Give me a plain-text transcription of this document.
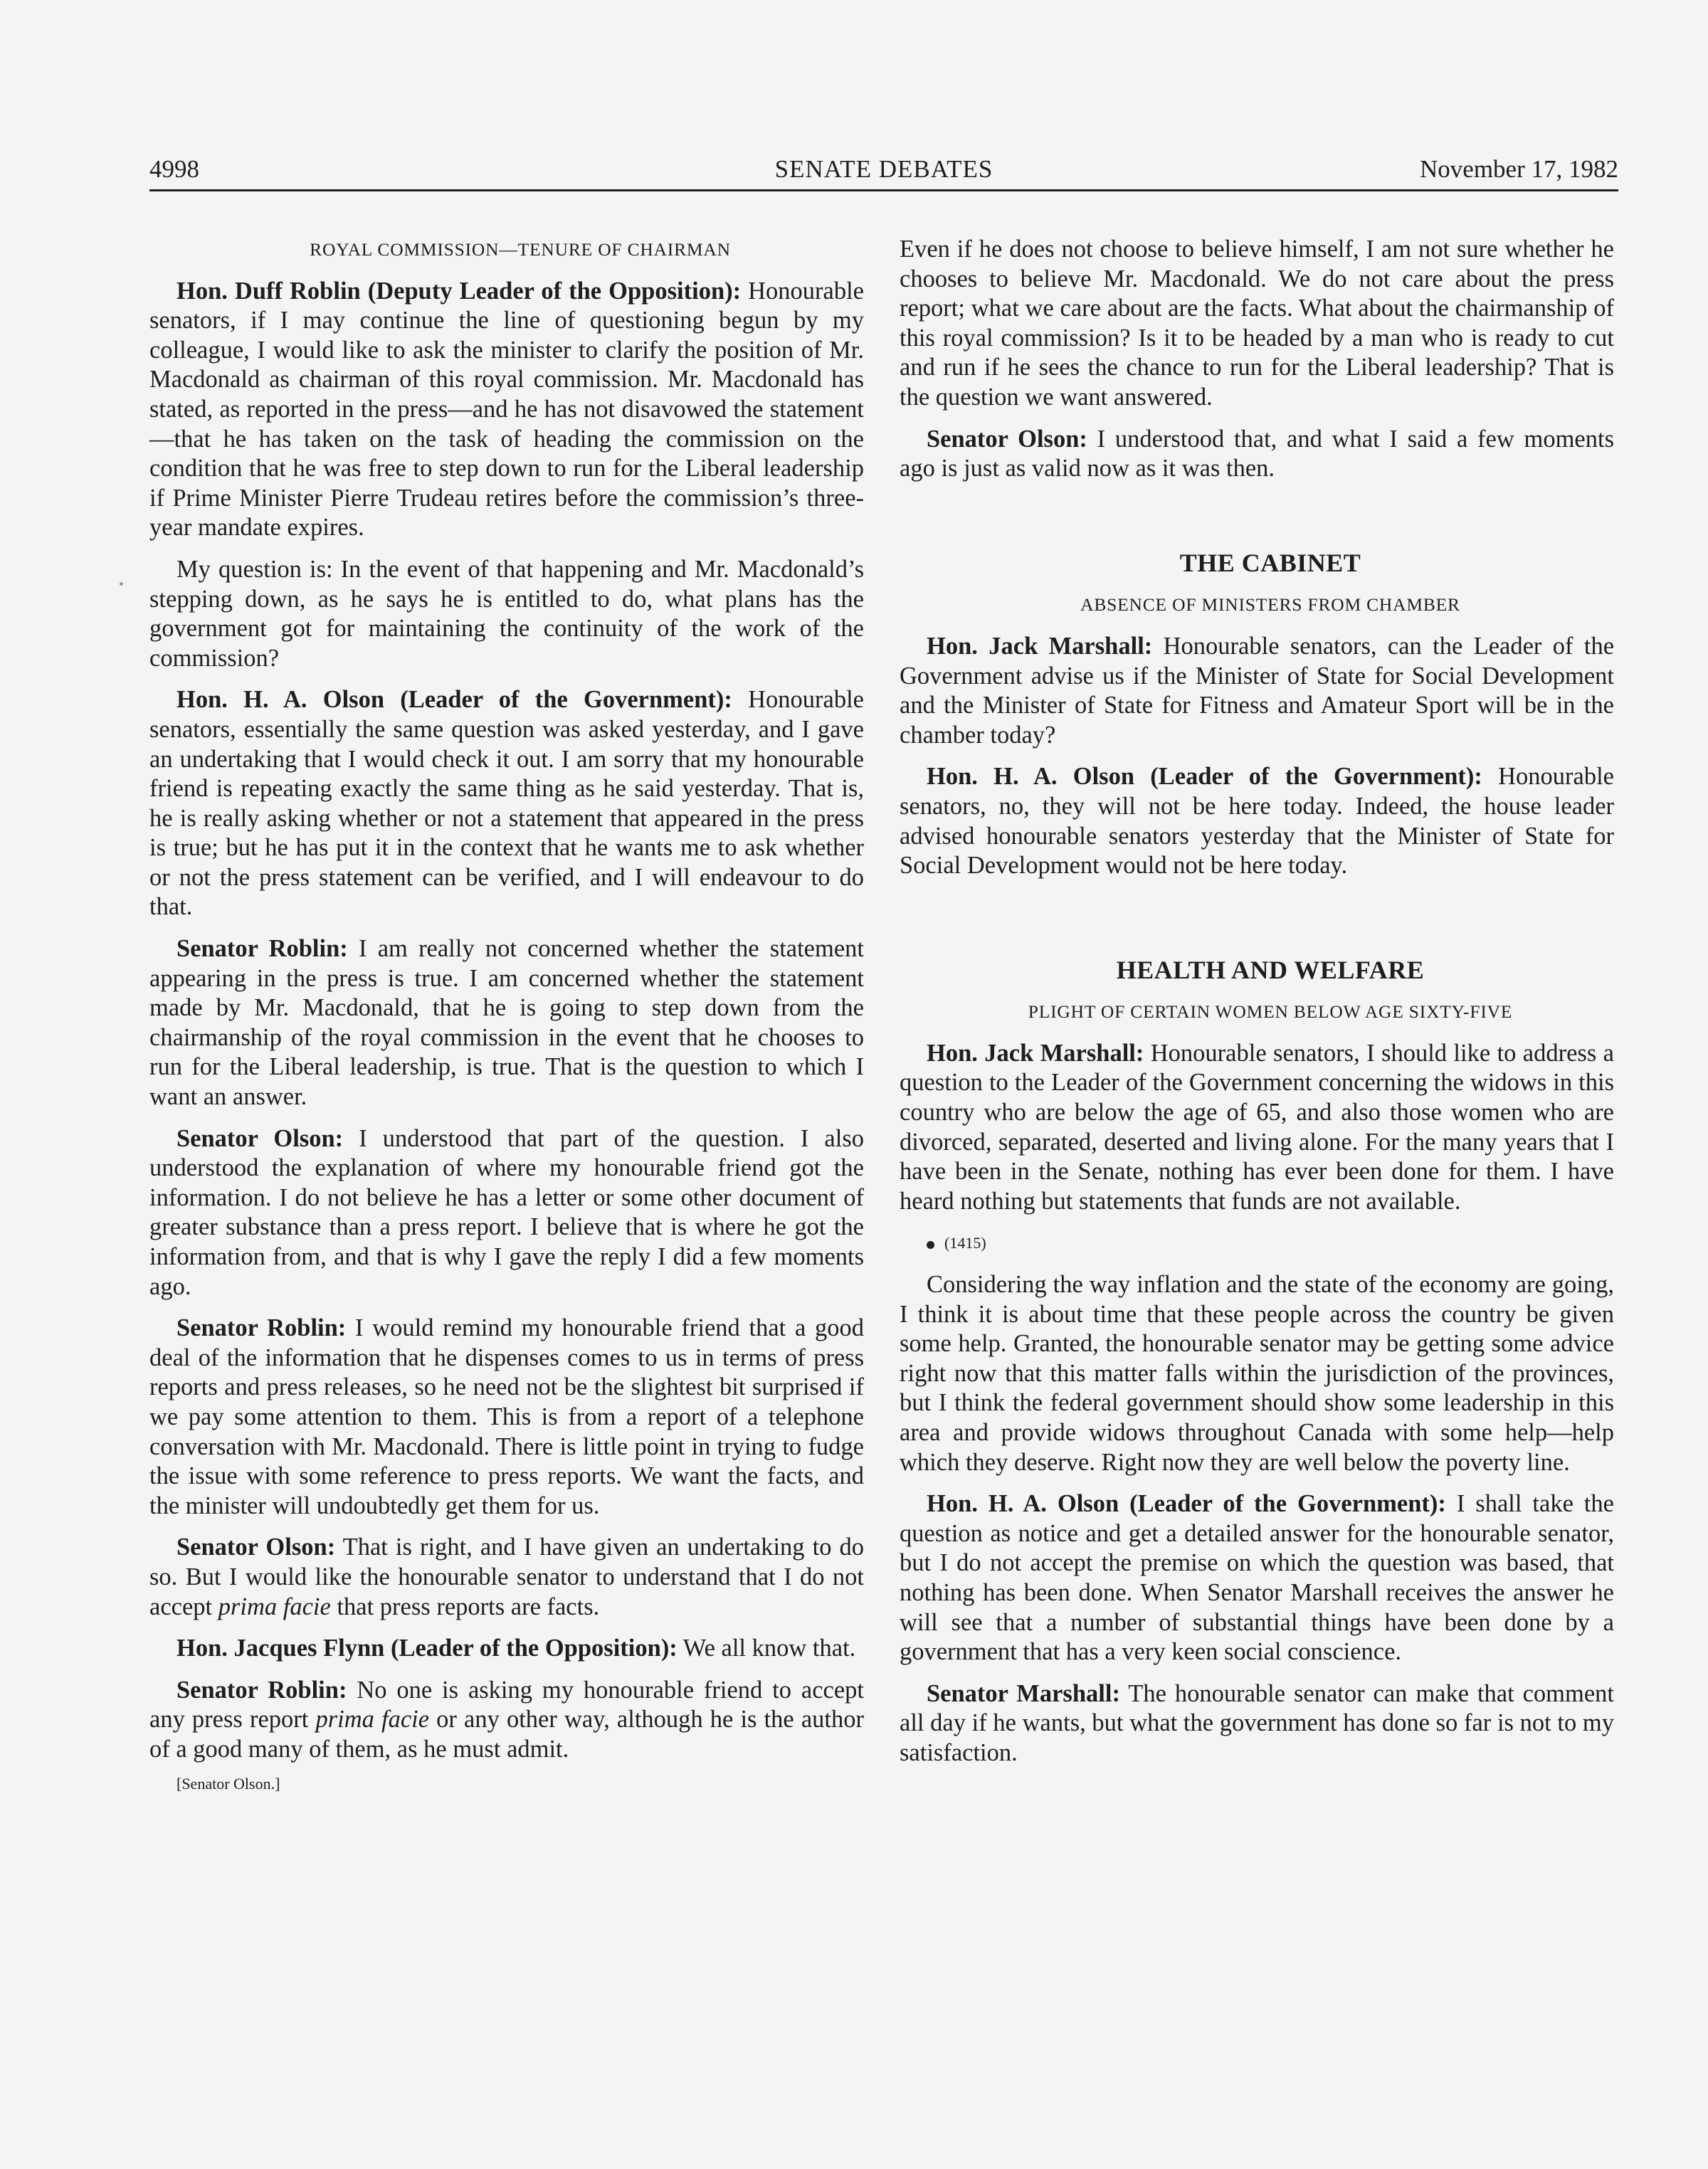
4998	SENATE DEBATES	November 17, 1982

ROYAL COMMISSION—TENURE OF CHAIRMAN

Hon. Duff Roblin (Deputy Leader of the Opposition): Honourable senators, if I may continue the line of questioning begun by my colleague, I would like to ask the minister to clarify the position of Mr. Macdonald as chairman of this royal commission. Mr. Macdonald has stated, as reported in the press—and he has not disavowed the statement—that he has taken on the task of heading the commission on the condition that he was free to step down to run for the Liberal leadership if Prime Minister Pierre Trudeau retires before the commission’s three-year mandate expires.

My question is: In the event of that happening and Mr. Macdonald’s stepping down, as he says he is entitled to do, what plans has the government got for maintaining the continuity of the work of the commission?

Hon. H. A. Olson (Leader of the Government): Honourable senators, essentially the same question was asked yesterday, and I gave an undertaking that I would check it out. I am sorry that my honourable friend is repeating exactly the same thing as he said yesterday. That is, he is really asking whether or not a statement that appeared in the press is true; but he has put it in the context that he wants me to ask whether or not the press statement can be verified, and I will endeavour to do that.

Senator Roblin: I am really not concerned whether the statement appearing in the press is true. I am concerned whether the statement made by Mr. Macdonald, that he is going to step down from the chairmanship of the royal commission in the event that he chooses to run for the Liberal leadership, is true. That is the question to which I want an answer.

Senator Olson: I understood that part of the question. I also understood the explanation of where my honourable friend got the information. I do not believe he has a letter or some other document of greater substance than a press report. I believe that is where he got the information from, and that is why I gave the reply I did a few moments ago.

Senator Roblin: I would remind my honourable friend that a good deal of the information that he dispenses comes to us in terms of press reports and press releases, so he need not be the slightest bit surprised if we pay some attention to them. This is from a report of a telephone conversation with Mr. Macdonald. There is little point in trying to fudge the issue with some reference to press reports. We want the facts, and the minister will undoubtedly get them for us.

Senator Olson: That is right, and I have given an undertaking to do so. But I would like the honourable senator to understand that I do not accept prima facie that press reports are facts.

Hon. Jacques Flynn (Leader of the Opposition): We all know that.

Senator Roblin: No one is asking my honourable friend to accept any press report prima facie or any other way, although he is the author of a good many of them, as he must admit.

[Senator Olson.]

Even if he does not choose to believe himself, I am not sure whether he chooses to believe Mr. Macdonald. We do not care about the press report; what we care about are the facts. What about the chairmanship of this royal commission? Is it to be headed by a man who is ready to cut and run if he sees the chance to run for the Liberal leadership? That is the question we want answered.

Senator Olson: I understood that, and what I said a few moments ago is just as valid now as it was then.

THE CABINET

ABSENCE OF MINISTERS FROM CHAMBER

Hon. Jack Marshall: Honourable senators, can the Leader of the Government advise us if the Minister of State for Social Development and the Minister of State for Fitness and Amateur Sport will be in the chamber today?

Hon. H. A. Olson (Leader of the Government): Honourable senators, no, they will not be here today. Indeed, the house leader advised honourable senators yesterday that the Minister of State for Social Development would not be here today.

HEALTH AND WELFARE

PLIGHT OF CERTAIN WOMEN BELOW AGE SIXTY-FIVE

Hon. Jack Marshall: Honourable senators, I should like to address a question to the Leader of the Government concerning the widows in this country who are below the age of 65, and also those women who are divorced, separated, deserted and living alone. For the many years that I have been in the Senate, nothing has ever been done for them. I have heard nothing but statements that funds are not available.

(1415)

Considering the way inflation and the state of the economy are going, I think it is about time that these people across the country be given some help. Granted, the honourable senator may be getting some advice right now that this matter falls within the jurisdiction of the provinces, but I think the federal government should show some leadership in this area and provide widows throughout Canada with some help—help which they deserve. Right now they are well below the poverty line.

Hon. H. A. Olson (Leader of the Government): I shall take the question as notice and get a detailed answer for the honourable senator, but I do not accept the premise on which the question was based, that nothing has been done. When Senator Marshall receives the answer he will see that a number of substantial things have been done by a government that has a very keen social conscience.

Senator Marshall: The honourable senator can make that comment all day if he wants, but what the government has done so far is not to my satisfaction.
